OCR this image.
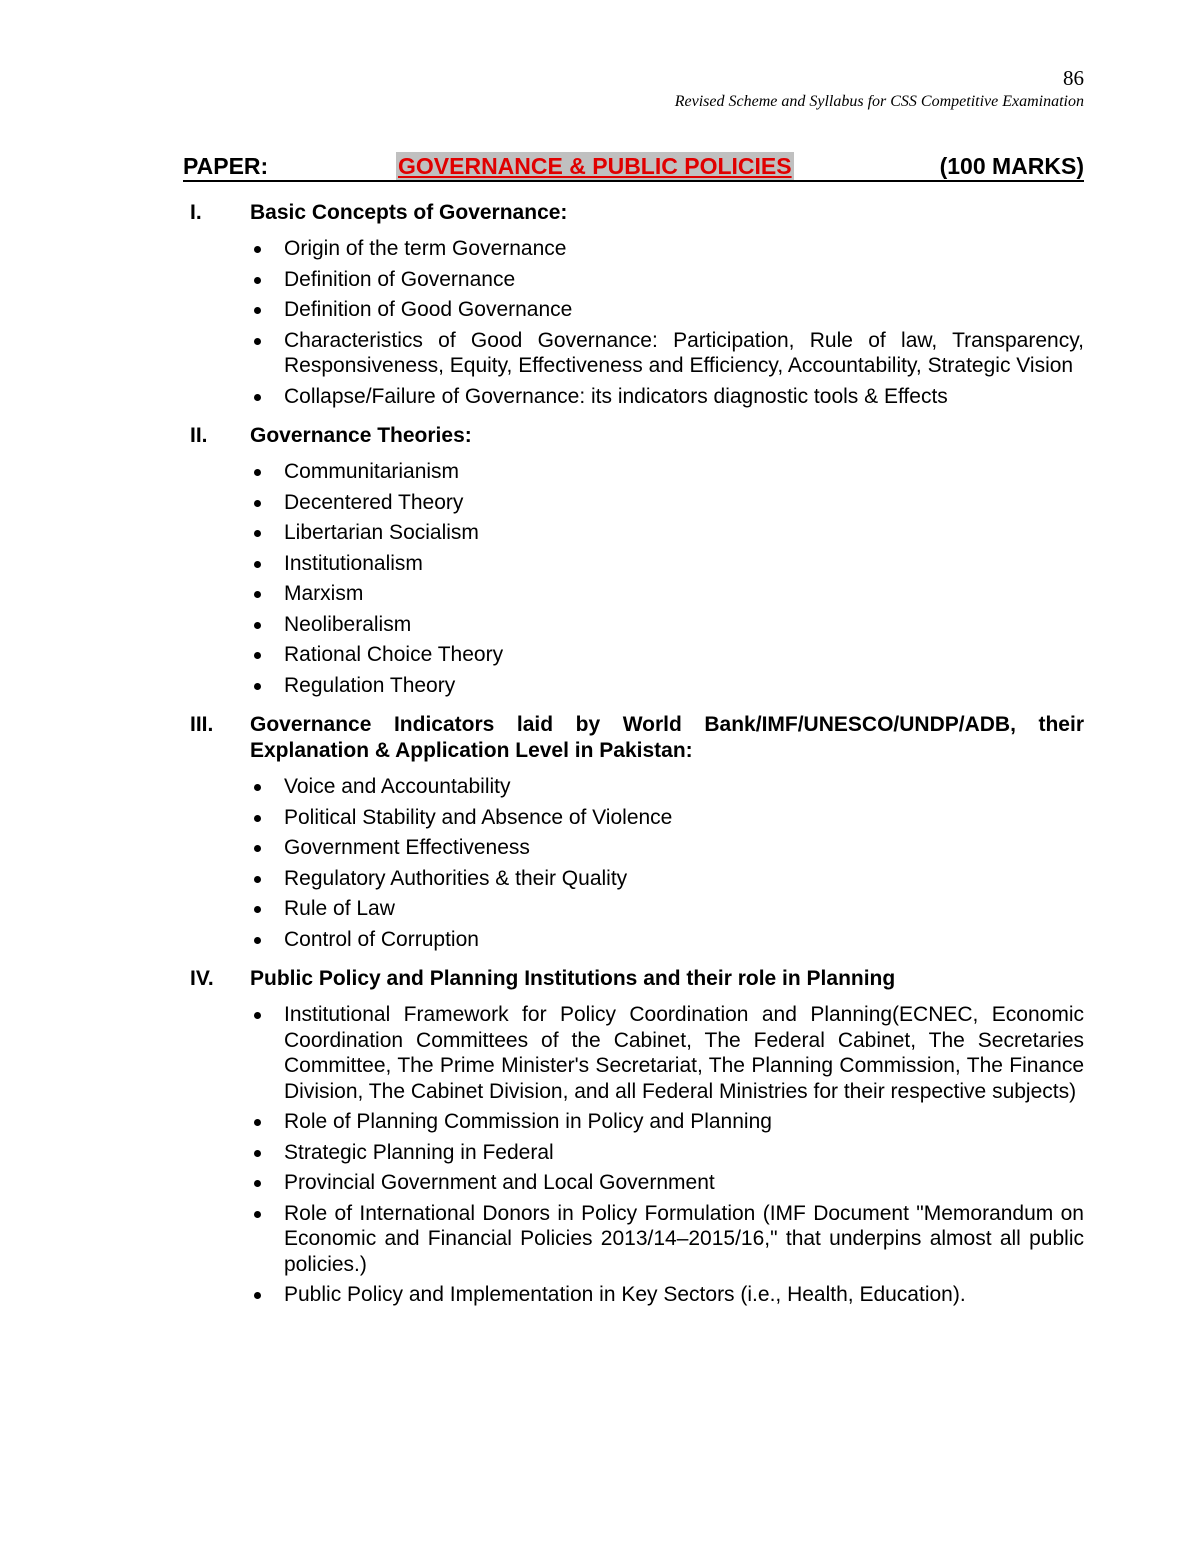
86
Revised Scheme and Syllabus for CSS Competitive Examination
PAPER:	GOVERNANCE & PUBLIC POLICIES	(100 MARKS)
I. Basic Concepts of Governance:
Origin of the term Governance
Definition of Governance
Definition of Good Governance
Characteristics of Good Governance: Participation, Rule of law, Transparency, Responsiveness, Equity, Effectiveness and Efficiency, Accountability, Strategic Vision
Collapse/Failure of Governance: its indicators diagnostic tools & Effects
II. Governance Theories:
Communitarianism
Decentered Theory
Libertarian Socialism
Institutionalism
Marxism
Neoliberalism
Rational Choice Theory
Regulation Theory
III. Governance Indicators laid by World Bank/IMF/UNESCO/UNDP/ADB, their Explanation & Application Level in Pakistan:
Voice and Accountability
Political Stability and Absence of Violence
Government Effectiveness
Regulatory Authorities & their Quality
Rule of Law
Control of Corruption
IV. Public Policy and Planning Institutions and their role in Planning
Institutional Framework for Policy Coordination and Planning(ECNEC, Economic Coordination Committees of the Cabinet, The Federal Cabinet, The Secretaries Committee, The Prime Minister's Secretariat, The Planning Commission, The Finance Division, The Cabinet Division, and all Federal Ministries for their respective subjects)
Role of Planning Commission in Policy and Planning
Strategic Planning in Federal
Provincial Government and Local Government
Role of International Donors in Policy Formulation (IMF Document "Memorandum on Economic and Financial Policies 2013/14–2015/16," that underpins almost all public policies.)
Public Policy and Implementation in Key Sectors (i.e., Health, Education).
